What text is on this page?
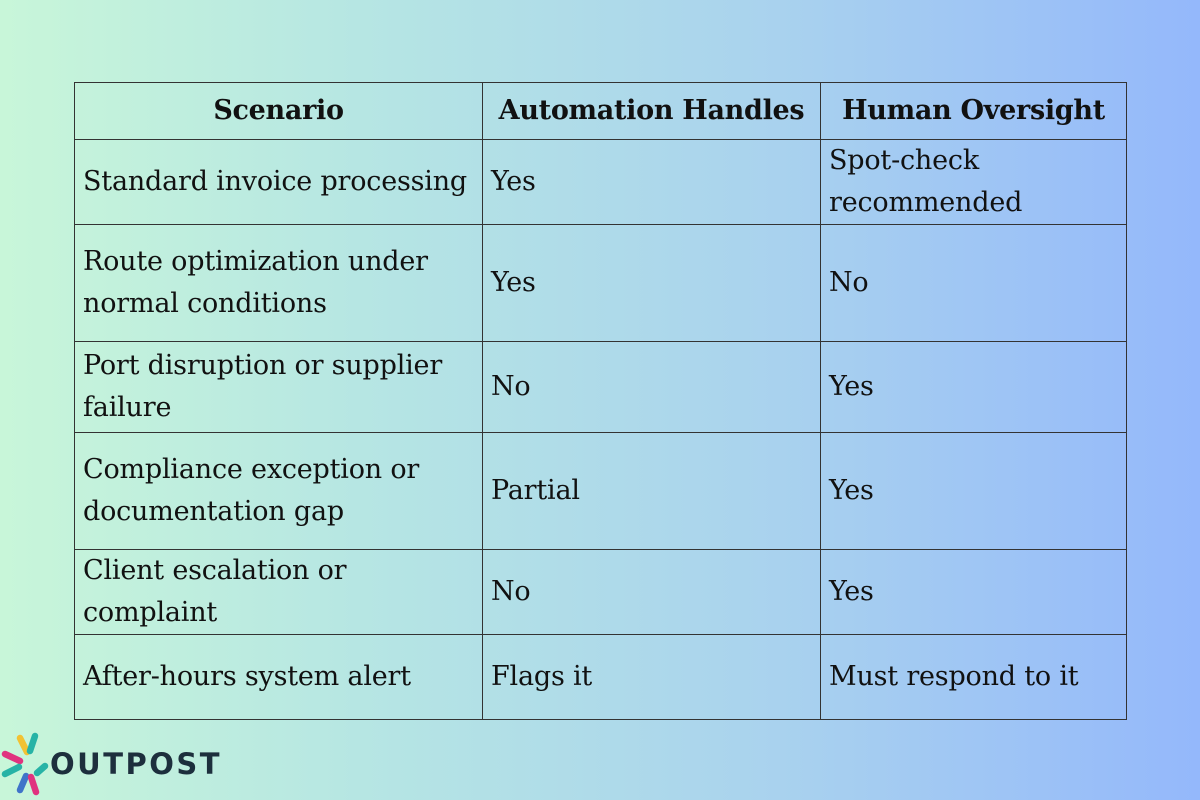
Scenario	Automation Handles	Human Oversight
Standard invoice processing	Yes	Spot-check recommended
Route optimization under normal conditions	Yes	No
Port disruption or supplier failure	No	Yes
Compliance exception or documentation gap	Partial	Yes
Client escalation or complaint	No	Yes
After-hours system alert	Flags it	Must respond to it
OUTPOST
